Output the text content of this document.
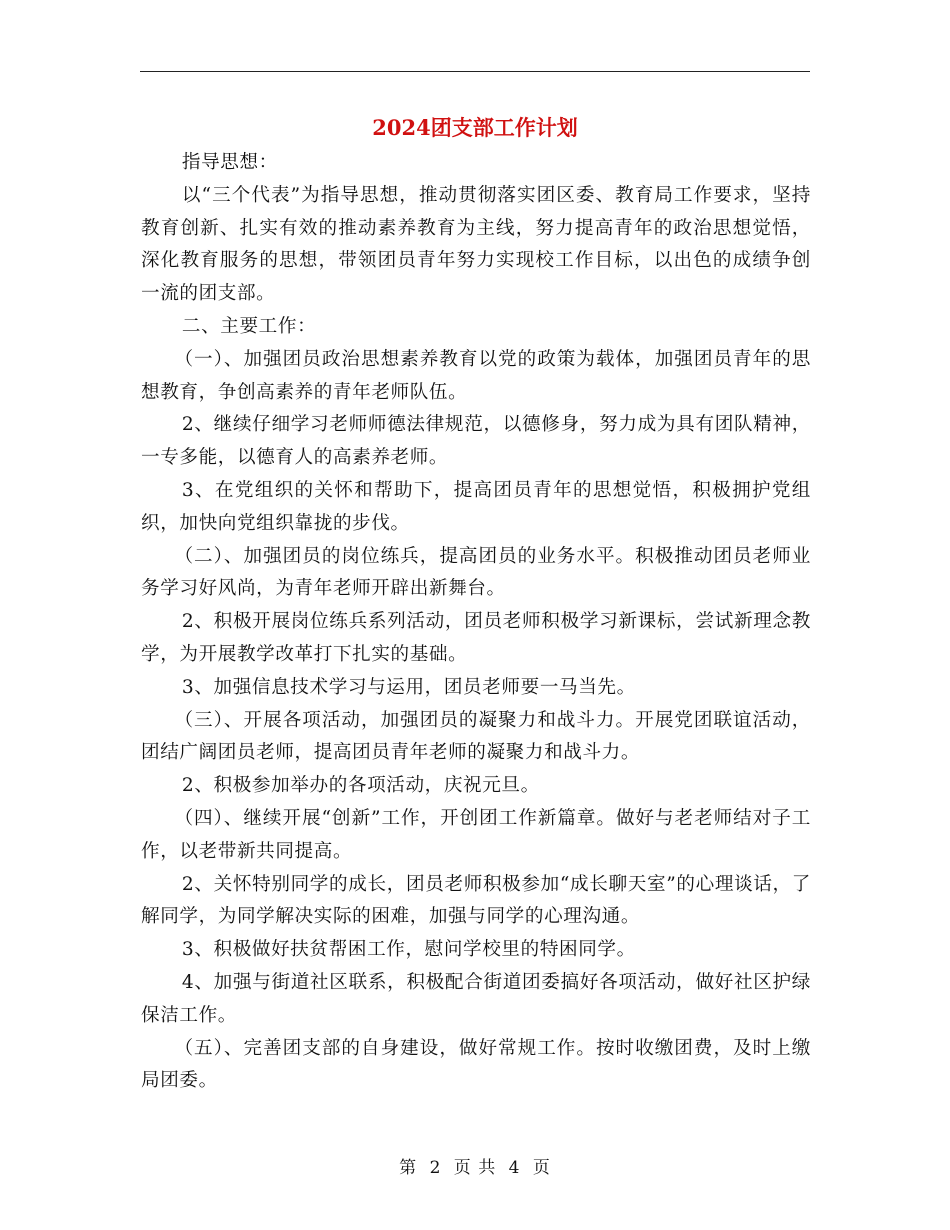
2024团支部工作计划

指导思想：

以“三个代表”为指导思想，推动贯彻落实团区委、教育局工作要求，坚持教育创新、扎实有效的推动素养教育为主线，努力提高青年的政治思想觉悟，深化教育服务的思想，带领团员青年努力实现校工作目标，以出色的成绩争创一流的团支部。

二、主要工作：

（一）、加强团员政治思想素养教育以党的政策为载体，加强团员青年的思想教育，争创高素养的青年老师队伍。

2、继续仔细学习老师师德法律规范，以德修身，努力成为具有团队精神，一专多能，以德育人的高素养老师。

3、在党组织的关怀和帮助下，提高团员青年的思想觉悟，积极拥护党组织，加快向党组织靠拢的步伐。

（二）、加强团员的岗位练兵，提高团员的业务水平。积极推动团员老师业务学习好风尚，为青年老师开辟出新舞台。

2、积极开展岗位练兵系列活动，团员老师积极学习新课标，尝试新理念教学，为开展教学改革打下扎实的基础。

3、加强信息技术学习与运用，团员老师要一马当先。

（三）、开展各项活动，加强团员的凝聚力和战斗力。开展党团联谊活动，团结广阔团员老师，提高团员青年老师的凝聚力和战斗力。

2、积极参加举办的各项活动，庆祝元旦。

（四）、继续开展“创新”工作，开创团工作新篇章。做好与老老师结对子工作，以老带新共同提高。

2、关怀特别同学的成长，团员老师积极参加“成长聊天室”的心理谈话，了解同学，为同学解决实际的困难，加强与同学的心理沟通。

3、积极做好扶贫帮困工作，慰问学校里的特困同学。

4、加强与街道社区联系，积极配合街道团委搞好各项活动，做好社区护绿保洁工作。

（五）、完善团支部的自身建设，做好常规工作。按时收缴团费，及时上缴局团委。

第 2 页 共 4 页
